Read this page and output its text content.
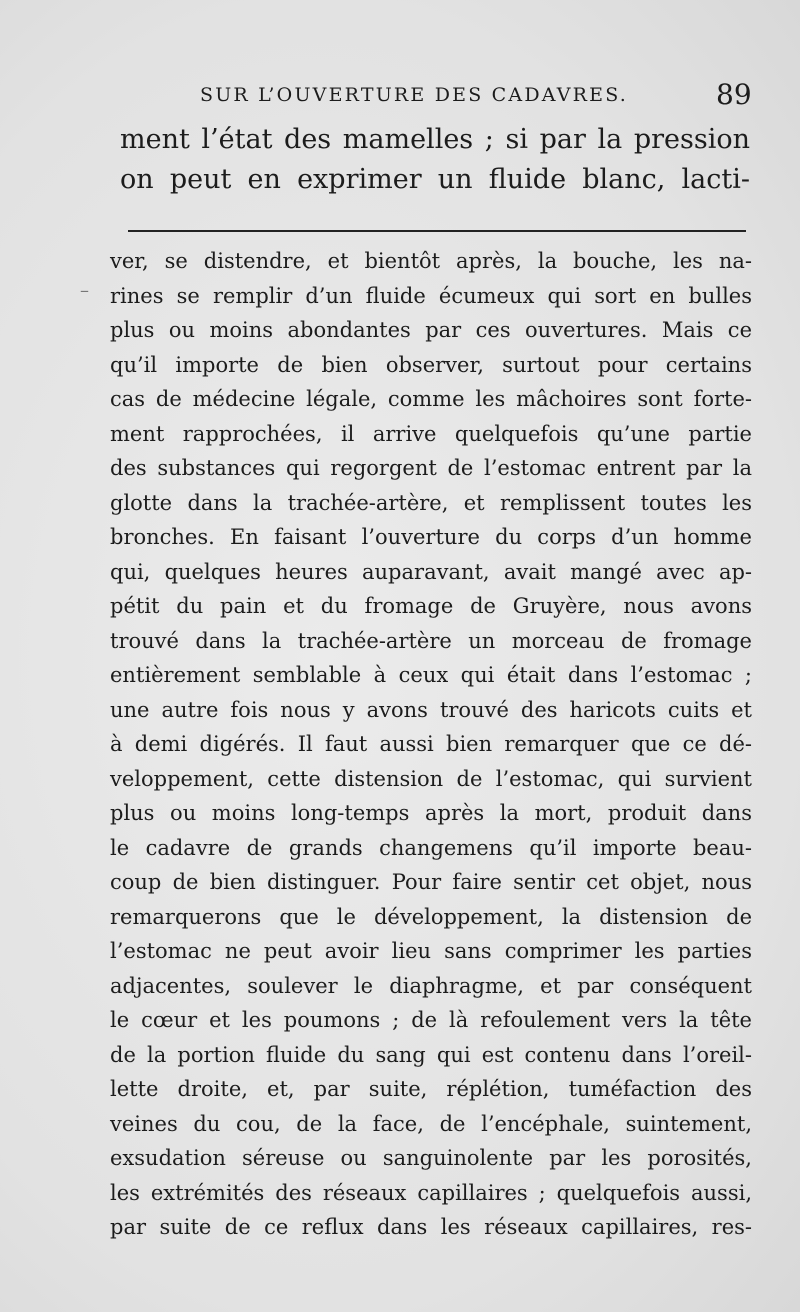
SUR L’OUVERTURE DES CADAVRES.	89
ment l’état des mamelles ; si par la pression
on peut en exprimer un fluide blanc, lacti-
–
ver, se distendre, et bientôt après, la bouche, les na-
rines se remplir d’un fluide écumeux qui sort en bulles
plus ou moins abondantes par ces ouvertures. Mais ce
qu’il importe de bien observer, surtout pour certains
cas de médecine légale, comme les mâchoires sont forte-
ment rapprochées, il arrive quelquefois qu’une partie
des substances qui regorgent de l’estomac entrent par la
glotte dans la trachée-artère, et remplissent toutes les
bronches. En faisant l’ouverture du corps d’un homme
qui, quelques heures auparavant, avait mangé avec ap-
pétit du pain et du fromage de Gruyère, nous avons
trouvé dans la trachée-artère un morceau de fromage
entièrement semblable à ceux qui était dans l’estomac ;
une autre fois nous y avons trouvé des haricots cuits et
à demi digérés. Il faut aussi bien remarquer que ce dé-
veloppement, cette distension de l’estomac, qui survient
plus ou moins long-temps après la mort, produit dans
le cadavre de grands changemens qu’il importe beau-
coup de bien distinguer. Pour faire sentir cet objet, nous
remarquerons que le développement, la distension de
l’estomac ne peut avoir lieu sans comprimer les parties
adjacentes, soulever le diaphragme, et par conséquent
le cœur et les poumons ; de là refoulement vers la tête
de la portion fluide du sang qui est contenu dans l’oreil-
lette droite, et, par suite, réplétion, tuméfaction des
veines du cou, de la face, de l’encéphale, suintement,
exsudation séreuse ou sanguinolente par les porosités,
les extrémités des réseaux capillaires ; quelquefois aussi,
par suite de ce reflux dans les réseaux capillaires, res-
